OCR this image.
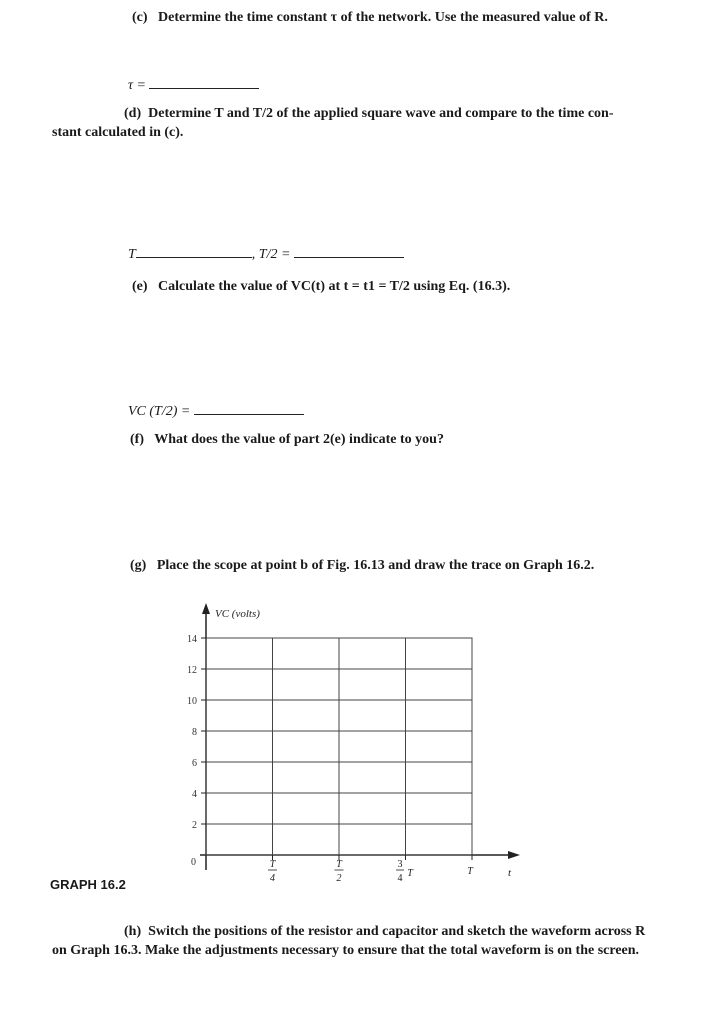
(c) Determine the time constant τ of the network. Use the measured value of R.
τ =
(d) Determine T and T/2 of the applied square wave and compare to the time con-
stant calculated in (c).
T	, T/2 =
(e) Calculate the value of VC(t) at t = t1 = T/2 using Eq. (16.3).
VC (T/2) =
(f) What does the value of part 2(e) indicate to you?
(g) Place the scope at point b of Fig. 16.13 and draw the trace on Graph 16.2.
VC (volts)
t
14
12
10
8
6
4
2
0	T
4
T
2
3
4 T	T
GRAPH 16.2
(h) Switch the positions of the resistor and capacitor and sketch the waveform across R on Graph 16.3. Make the adjustments necessary to ensure that the total waveform is on the screen.
